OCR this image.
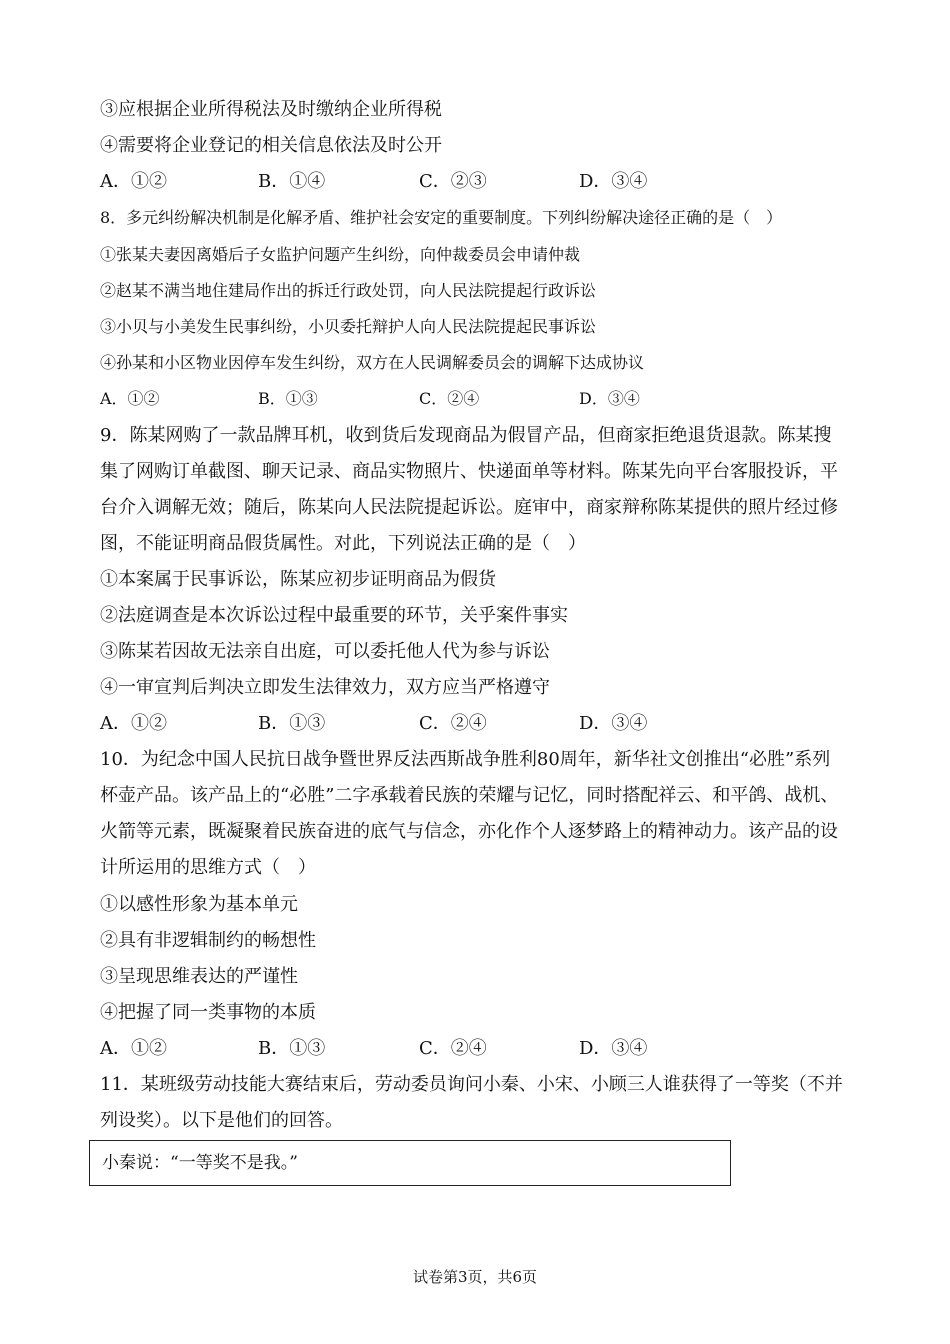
③应根据企业所得税法及时缴纳企业所得税
④需要将企业登记的相关信息依法及时公开
A．①②	B．①④	C．②③	D．③④
8．多元纠纷解决机制是化解矛盾、维护社会安定的重要制度。下列纠纷解决途径正确的是（　）
①张某夫妻因离婚后子女监护问题产生纠纷，向仲裁委员会申请仲裁
②赵某不满当地住建局作出的拆迁行政处罚，向人民法院提起行政诉讼
③小贝与小美发生民事纠纷，小贝委托辩护人向人民法院提起民事诉讼
④孙某和小区物业因停车发生纠纷，双方在人民调解委员会的调解下达成协议
A．①②	B．①③	C．②④	D．③④
9．陈某网购了一款品牌耳机，收到货后发现商品为假冒产品，但商家拒绝退货退款。陈某搜
集了网购订单截图、聊天记录、商品实物照片、快递面单等材料。陈某先向平台客服投诉，平
台介入调解无效；随后，陈某向人民法院提起诉讼。庭审中，商家辩称陈某提供的照片经过修
图，不能证明商品假货属性。对此，下列说法正确的是（　）
①本案属于民事诉讼，陈某应初步证明商品为假货
②法庭调查是本次诉讼过程中最重要的环节，关乎案件事实
③陈某若因故无法亲自出庭，可以委托他人代为参与诉讼
④一审宣判后判决立即发生法律效力，双方应当严格遵守
A．①②	B．①③	C．②④	D．③④
10．为纪念中国人民抗日战争暨世界反法西斯战争胜利80周年，新华社文创推出“必胜”系列
杯壶产品。该产品上的“必胜”二字承载着民族的荣耀与记忆，同时搭配祥云、和平鸽、战机、
火箭等元素，既凝聚着民族奋进的底气与信念，亦化作个人逐梦路上的精神动力。该产品的设
计所运用的思维方式（　）
①以感性形象为基本单元
②具有非逻辑制约的畅想性
③呈现思维表达的严谨性
④把握了同一类事物的本质
A．①②	B．①③	C．②④	D．③④
11．某班级劳动技能大赛结束后，劳动委员询问小秦、小宋、小顾三人谁获得了一等奖（不并
列设奖）。以下是他们的回答。
小秦说：“一等奖不是我。”
试卷第3页，共6页
